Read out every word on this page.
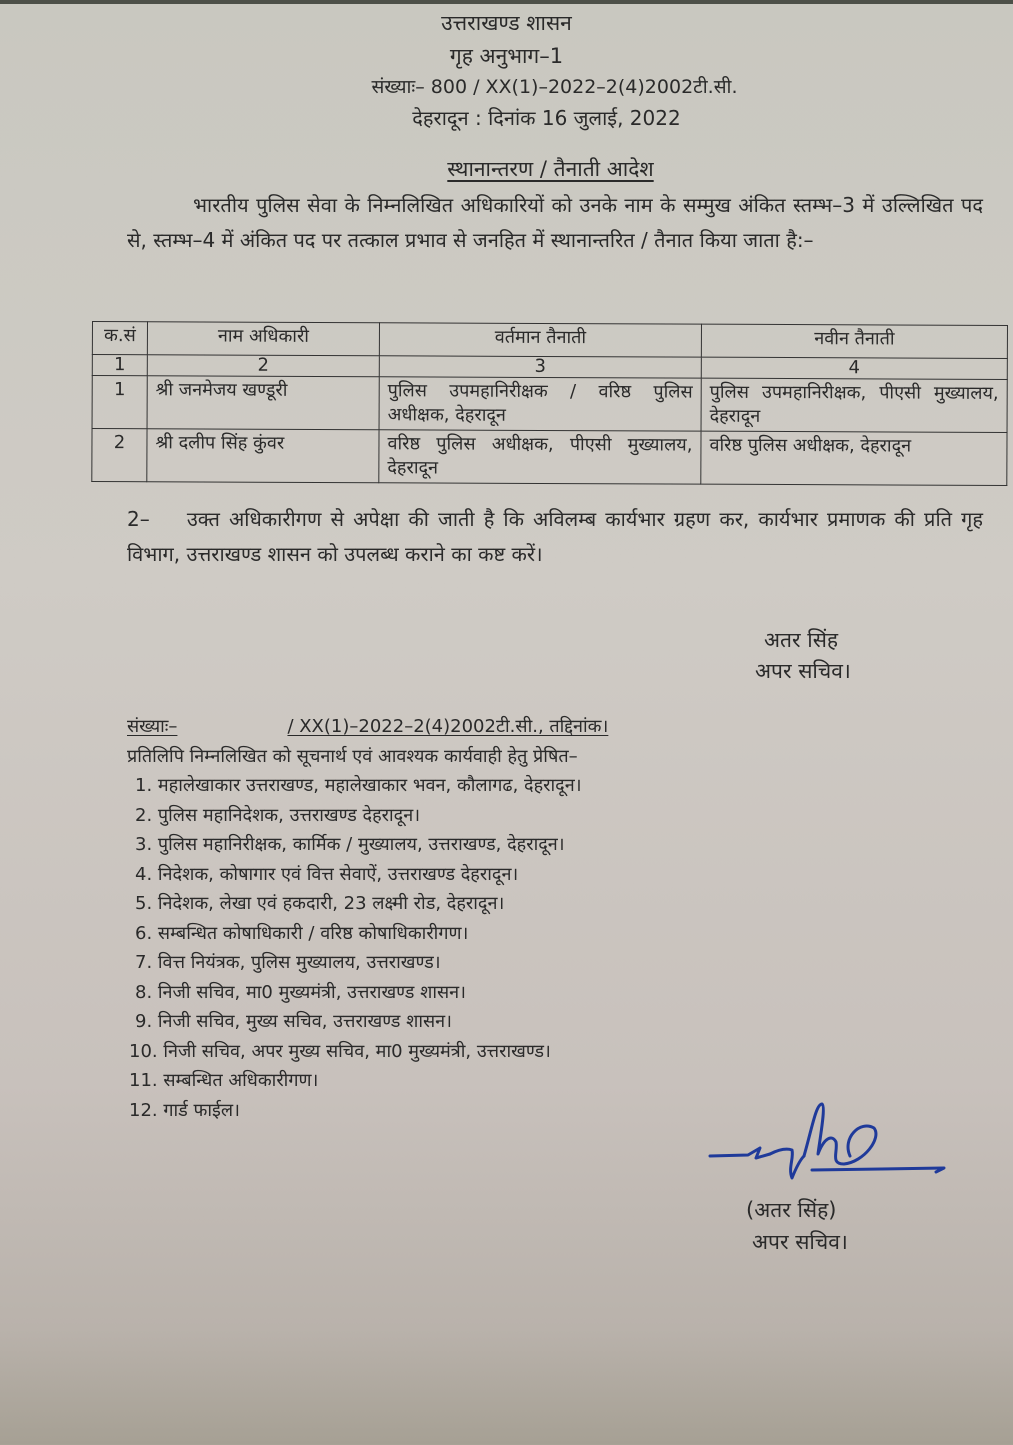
उत्तराखण्ड शासन
गृह अनुभाग–1
संख्याः– 800 / XX(1)–2022–2(4)2002टी.सी.
देहरादून : दिनांक 16 जुलाई, 2022
स्थानान्तरण / तैनाती आदेश
भारतीय पुलिस सेवा के निम्नलिखित अधिकारियों को उनके नाम के सम्मुख अंकित स्तम्भ–3 में उल्लिखित पद से, स्तम्भ–4 में अंकित पद पर तत्काल प्रभाव से जनहित में स्थानान्तरित / तैनात किया जाता है:–
क.सं	नाम अधिकारी	वर्तमान तैनाती	नवीन तैनाती
1	2	3	4
1	श्री जनमेजय खण्डूरी	पुलिस उपमहानिरीक्षक / वरिष्ठ पुलिस अधीक्षक, देहरादून	पुलिस उपमहानिरीक्षक, पीएसी मुख्यालय, देहरादून
2	श्री दलीप सिंह कुंवर	वरिष्ठ पुलिस अधीक्षक, पीएसी मुख्यालय, देहरादून	वरिष्ठ पुलिस अधीक्षक, देहरादून
2– उक्त अधिकारीगण से अपेक्षा की जाती है कि अविलम्ब कार्यभार ग्रहण कर, कार्यभार प्रमाणक की प्रति गृह विभाग, उत्तराखण्ड शासन को उपलब्ध कराने का कष्ट करें।
अतर सिंह
अपर सचिव।
संख्याः–	/ XX(1)–2022–2(4)2002टी.सी., तद्दिनांक।
प्रतिलिपि निम्नलिखित को सूचनार्थ एवं आवश्यक कार्यवाही हेतु प्रेषित–
1. महालेखाकार उत्तराखण्ड, महालेखाकार भवन, कौलागढ, देहरादून।
2. पुलिस महानिदेशक, उत्तराखण्ड देहरादून।
3. पुलिस महानिरीक्षक, कार्मिक / मुख्यालय, उत्तराखण्ड, देहरादून।
4. निदेशक, कोषागार एवं वित्त सेवाऐं, उत्तराखण्ड देहरादून।
5. निदेशक, लेखा एवं हकदारी, 23 लक्ष्मी रोड, देहरादून।
6. सम्बन्धित कोषाधिकारी / वरिष्ठ कोषाधिकारीगण।
7. वित्त नियंत्रक, पुलिस मुख्यालय, उत्तराखण्ड।
8. निजी सचिव, मा0 मुख्यमंत्री, उत्तराखण्ड शासन।
9. निजी सचिव, मुख्य सचिव, उत्तराखण्ड शासन।
10. निजी सचिव, अपर मुख्य सचिव, मा0 मुख्यमंत्री, उत्तराखण्ड।
11. सम्बन्धित अधिकारीगण।
12. गार्ड फाईल।
(अतर सिंह)
अपर सचिव।
